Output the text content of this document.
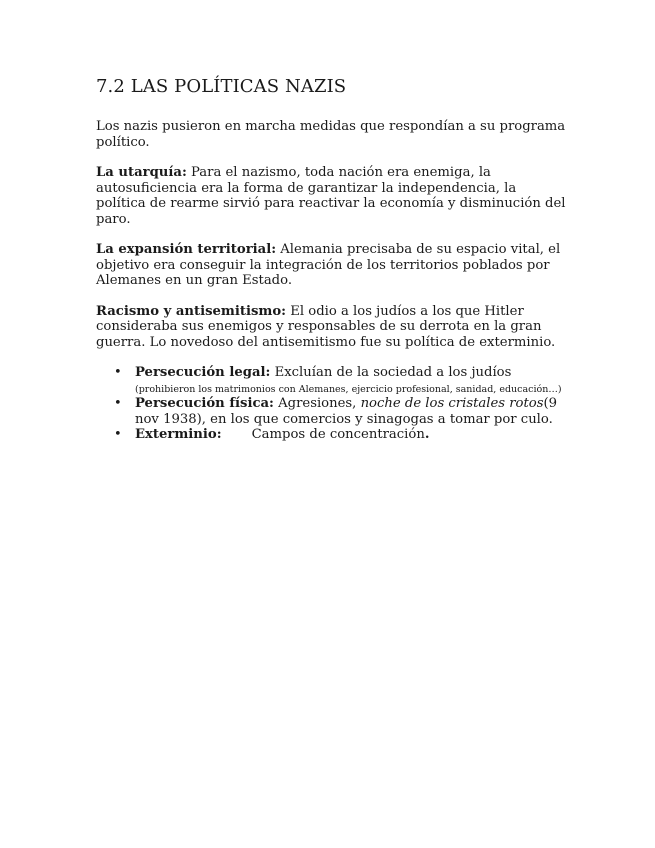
7.2 LAS POLÍTICAS NAZIS

Los nazis pusieron en marcha medidas que respondían a su programa político.

La utarquía: Para el nazismo, toda nación era enemiga, la autosuficiencia era la forma de garantizar la independencia, la política de rearme sirvió para reactivar la economía y disminución del paro.

La expansión territorial: Alemania precisaba de su espacio vital, el objetivo era conseguir la integración de los territorios poblados por Alemanes en un gran Estado.

Racismo y antisemitismo: El odio a los judíos a los que Hitler consideraba sus enemigos y responsables de su derrota en la gran guerra. Lo novedoso del antisemitismo fue su política de exterminio.

• Persecución legal: Excluían de la sociedad a los judíos (prohibieron los matrimonios con Alemanes, ejercicio profesional, sanidad, educación…)
• Persecución física: Agresiones, noche de los cristales rotos(9 nov 1938), en los que comercios y sinagogas a tomar por culo.
• Exterminio: Campos de concentración.
